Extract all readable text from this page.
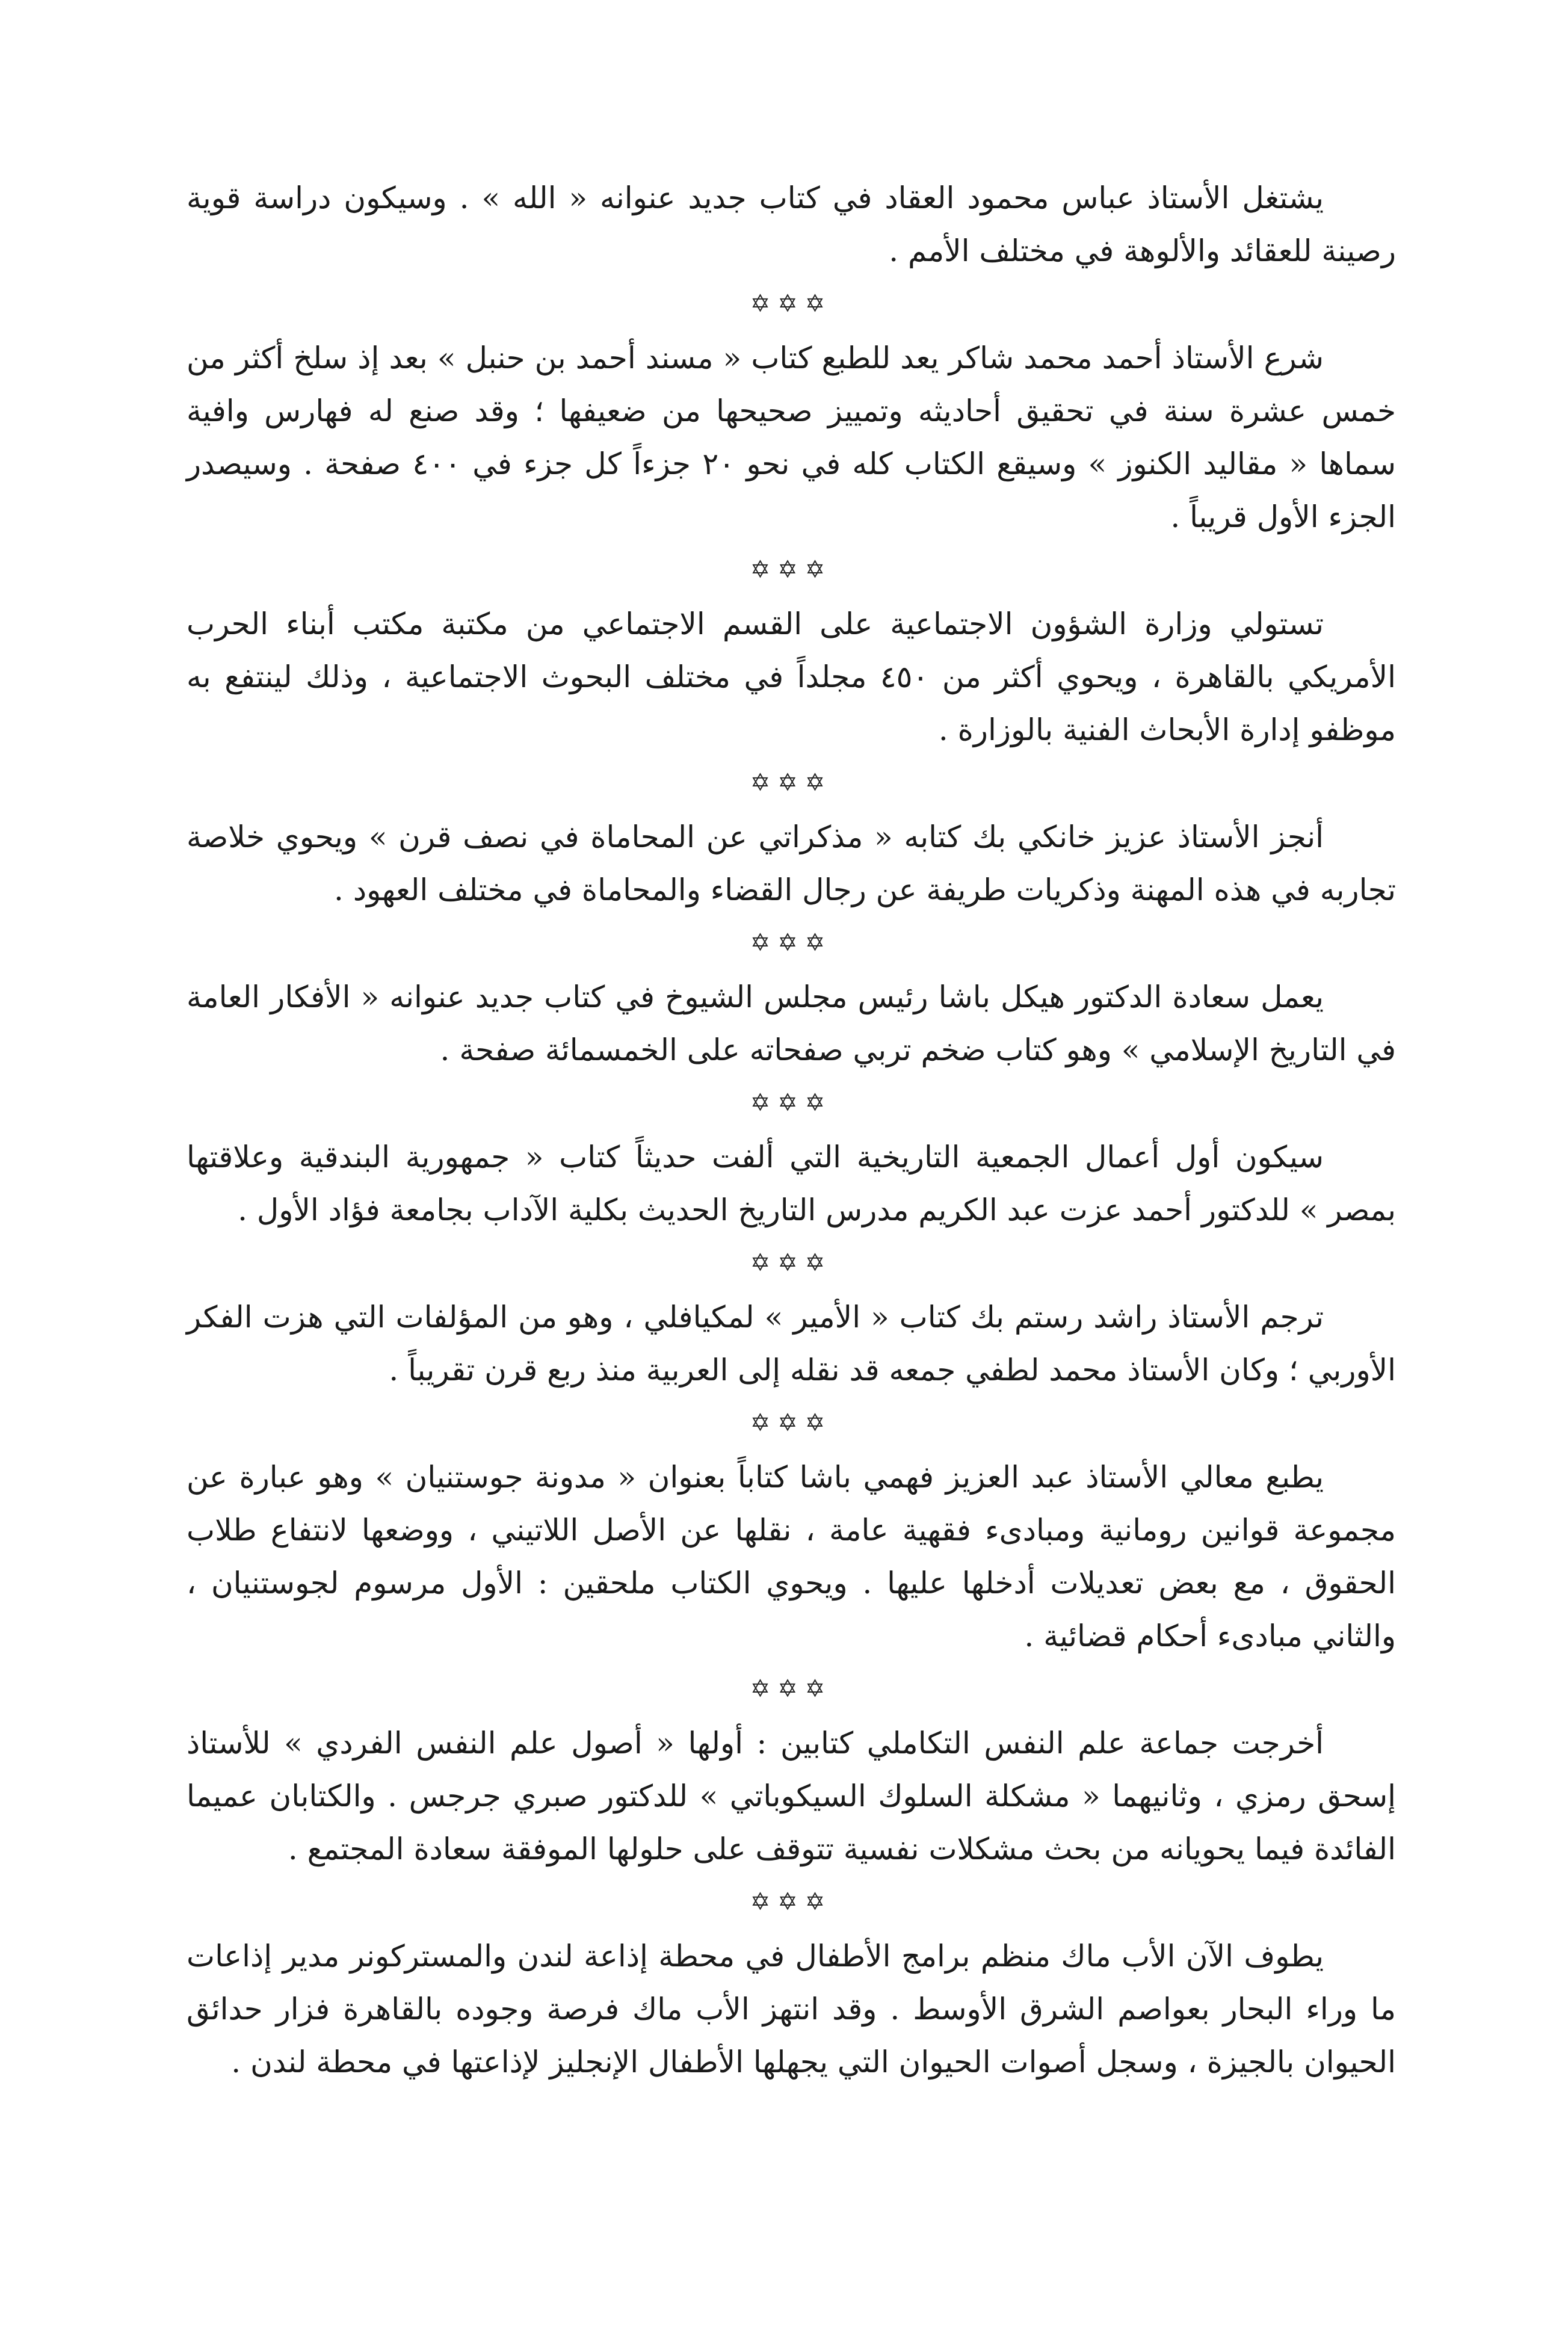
يشتغل الأستاذ عباس محمود العقاد في كتاب جديد عنوانه « الله » . وسيكون دراسة قوية رصينة للعقائد والألوهة في مختلف الأمم .

✡✡✡

شرع الأستاذ أحمد محمد شاكر يعد للطبع كتاب « مسند أحمد بن حنبل » بعد إذ سلخ أكثر من خمس عشرة سنة في تحقيق أحاديثه وتمييز صحيحها من ضعيفها ؛ وقد صنع له فهارس وافية سماها « مقاليد الكنوز » وسيقع الكتاب كله في نحو ٢٠ جزءاً كل جزء في ٤٠٠ صفحة . وسيصدر الجزء الأول قريباً .

✡✡✡

تستولي وزارة الشؤون الاجتماعية على القسم الاجتماعي من مكتبة مكتب أبناء الحرب الأمريكي بالقاهرة ، ويحوي أكثر من ٤٥٠ مجلداً في مختلف البحوث الاجتماعية ، وذلك لينتفع به موظفو إدارة الأبحاث الفنية بالوزارة .

✡✡✡

أنجز الأستاذ عزيز خانكي بك كتابه « مذكراتي عن المحاماة في نصف قرن » ويحوي خلاصة تجاربه في هذه المهنة وذكريات طريفة عن رجال القضاء والمحاماة في مختلف العهود .

✡✡✡

يعمل سعادة الدكتور هيكل باشا رئيس مجلس الشيوخ في كتاب جديد عنوانه « الأفكار العامة في التاريخ الإسلامي » وهو كتاب ضخم تربي صفحاته على الخمسمائة صفحة .

✡✡✡

سيكون أول أعمال الجمعية التاريخية التي ألفت حديثاً كتاب « جمهورية البندقية وعلاقتها بمصر » للدكتور أحمد عزت عبد الكريم مدرس التاريخ الحديث بكلية الآداب بجامعة فؤاد الأول .

✡✡✡

ترجم الأستاذ راشد رستم بك كتاب « الأمير » لمكيافلي ، وهو من المؤلفات التي هزت الفكر الأوربي ؛ وكان الأستاذ محمد لطفي جمعه قد نقله إلى العربية منذ ربع قرن تقريباً .

✡✡✡

يطبع معالي الأستاذ عبد العزيز فهمي باشا كتاباً بعنوان « مدونة جوستنيان » وهو عبارة عن مجموعة قوانين رومانية ومبادىء فقهية عامة ، نقلها عن الأصل اللاتيني ، ووضعها لانتفاع طلاب الحقوق ، مع بعض تعديلات أدخلها عليها . ويحوي الكتاب ملحقين : الأول مرسوم لجوستنيان ، والثاني مبادىء أحكام قضائية .

✡✡✡

أخرجت جماعة علم النفس التكاملي كتابين : أولها « أصول علم النفس الفردي » للأستاذ إسحق رمزي ، وثانيهما « مشكلة السلوك السيكوباتي » للدكتور صبري جرجس . والكتابان عميما الفائدة فيما يحويانه من بحث مشكلات نفسية تتوقف على حلولها الموفقة سعادة المجتمع .

✡✡✡

يطوف الآن الأب ماك منظم برامج الأطفال في محطة إذاعة لندن والمستركونر مدير إذاعات ما وراء البحار بعواصم الشرق الأوسط . وقد انتهز الأب ماك فرصة وجوده بالقاهرة فزار حدائق الحيوان بالجيزة ، وسجل أصوات الحيوان التي يجهلها الأطفال الإنجليز لإذاعتها في محطة لندن .
